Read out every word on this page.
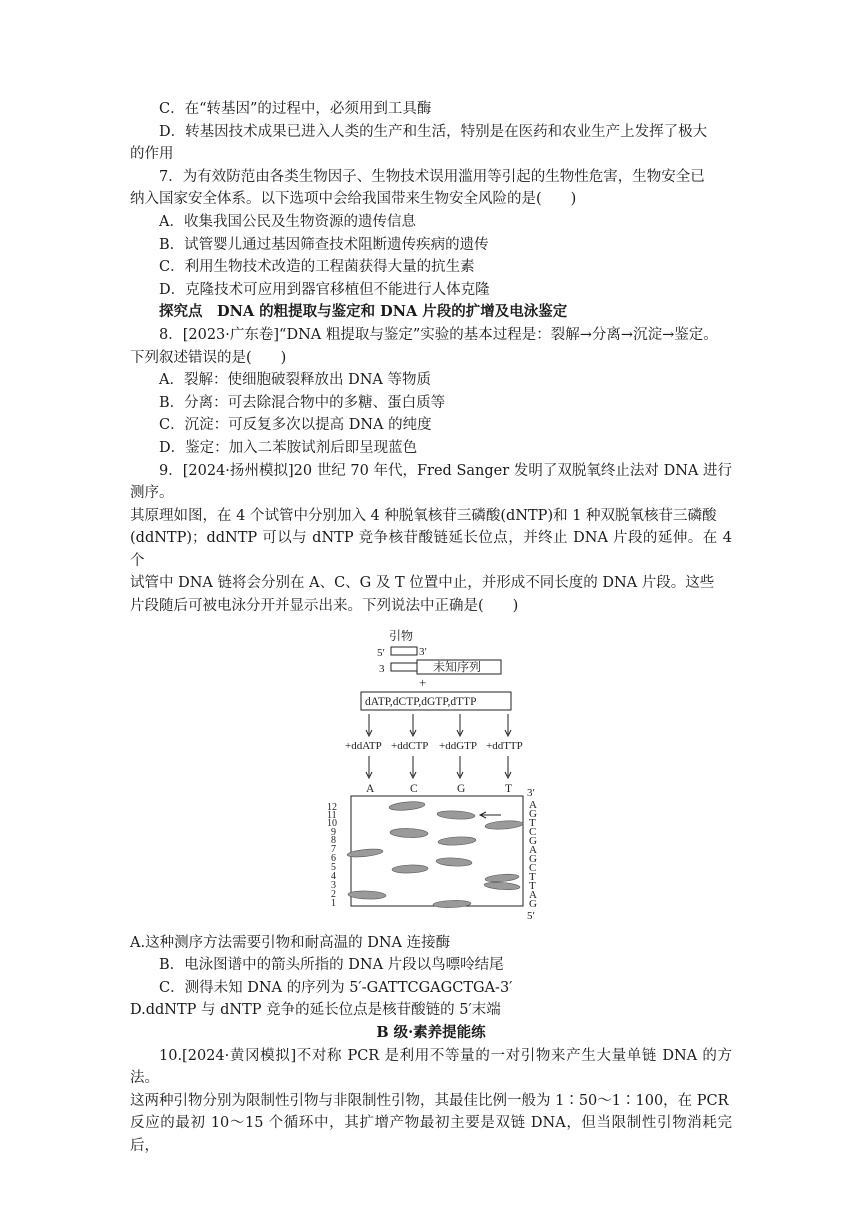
C．在“转基因”的过程中，必须用到工具酶

D．转基因技术成果已进入人类的生产和生活，特别是在医药和农业生产上发挥了极大

的作用

7．为有效防范由各类生物因子、生物技术误用滥用等引起的生物性危害，生物安全已

纳入国家安全体系。以下选项中会给我国带来生物安全风险的是(　　)

A．收集我国公民及生物资源的遗传信息

B．试管婴儿通过基因筛查技术阻断遗传疾病的遗传

C．利用生物技术改造的工程菌获得大量的抗生素

D．克隆技术可应用到器官移植但不能进行人体克隆

探究点　DNA 的粗提取与鉴定和 DNA 片段的扩增及电泳鉴定

8．[2023·广东卷]“DNA 粗提取与鉴定”实验的基本过程是：裂解→分离→沉淀→鉴定。

下列叙述错误的是(　　)

A．裂解：使细胞破裂释放出 DNA 等物质

B．分离：可去除混合物中的多糖、蛋白质等

C．沉淀：可反复多次以提高 DNA 的纯度

D．鉴定：加入二苯胺试剂后即呈现蓝色

9．[2024·扬州模拟]20 世纪 70 年代，Fred Sanger 发明了双脱氧终止法对 DNA 进行测序。

其原理如图，在 4 个试管中分别加入 4 种脱氧核苷三磷酸(dNTP)和 1 种双脱氧核苷三磷酸

(ddNTP)；ddNTP 可以与 dNTP 竞争核苷酸链延长位点，并终止 DNA 片段的延伸。在 4 个

试管中 DNA 链将会分别在 A、C、G 及 T 位置中止，并形成不同长度的 DNA 片段。这些

片段随后可被电泳分开并显示出来。下列说法中正确是(　　)

引物
5′	3′
3	未知序列
+
dATP,dCTP,dGTP,dTTP
+ddATP +ddCTP +ddGTP +ddTTP
A	C	G	T
12
11
10
9
8
7
6
5
4
3
2
1
3′
A
G
T
C
G
A
G
C
T
T
A
G
5′

A.这种测序方法需要引物和耐高温的 DNA 连接酶

B．电泳图谱中的箭头所指的 DNA 片段以鸟嘌呤结尾

C．测得未知 DNA 的序列为 5′-GATTCGAGCTGA-3′

D.ddNTP 与 dNTP 竞争的延长位点是核苷酸链的 5′末端

B 级·素养提能练

10.[2024·黄冈模拟]不对称 PCR 是利用不等量的一对引物来产生大量单链 DNA 的方法。

这两种引物分别为限制性引物与非限制性引物，其最佳比例一般为 1∶50～1∶100，在 PCR

反应的最初 10～15 个循环中，其扩增产物最初主要是双链 DNA，但当限制性引物消耗完后，
